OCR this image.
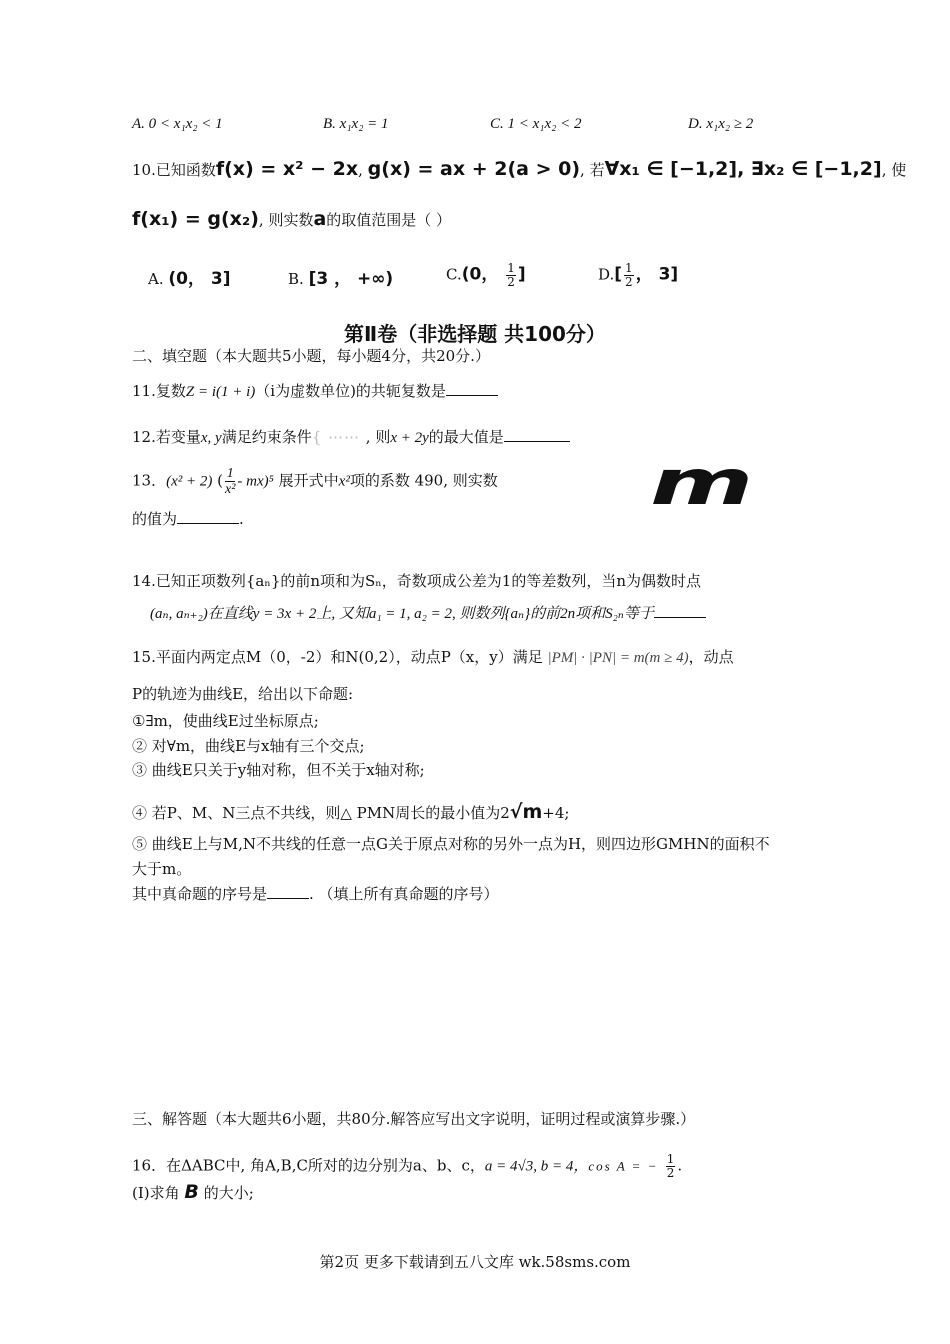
A. 0 < x₁x₂ < 1	B. x₁x₂ = 1	C. 1 < x₁x₂ < 2	D. x₁x₂ ≥ 2
10.已知函数f(x) = x² − 2x, g(x) = ax + 2(a > 0), 若∀x₁ ∈ [−1,2], ∃x₂ ∈ [−1,2], 使
f(x₁) = g(x₂), 则实数a的取值范围是（ ）
A. (0， 3]	B. [3 ， +∞)	C.(0， $\frac{1}{2}$ ]	$D.[ \frac{1}{2}$ ， 3]
第Ⅱ卷（非选择题 共100分）
二、填空题（本大题共5小题，每小题4分，共20分.）
11.复数Z = i(1 + i)（i为虚数单位)的共轭复数是
12.若变量x, y满足约束条件{ ⋯⋯ , 则x + 2y的最大值是
13．(x² + 2) ( $\frac{1}{\text{x²}} - mx)^5$ 展开式中x²项的系数 490, 则实数 m
的值为	.
14.已知正项数列{aₙ}的前n项和为Sₙ，奇数项成公差为1的等差数列，当n为偶数时点
(aₙ, aₙ₊₂)在直线y = 3x + 2上, 又知a₁ = 1, a₂ = 2, 则数列{aₙ}的前2n项和S₂ₙ等于
15.平面内两定点M（0，-2）和N(0,2），动点P（x，y）满足 |PM| · |PN| = m(m ≥ 4)，动点
P的轨迹为曲线E，给出以下命题:
①∃m，使曲线E过坐标原点;
② 对∀m，曲线E与x轴有三个交点;
③ 曲线E只关于y轴对称，但不关于x轴对称;
④ 若P、M、N三点不共线，则△ PMN周长的最小值为2√m+4;
⑤ 曲线E上与M,N不共线的任意一点G关于原点对称的另外一点为H，则四边形GMHN的面积不
大于m。
其中真命题的序号是	. （填上所有真命题的序号）
三、解答题（本大题共6小题，共80分.解答应写出文字说明，证明过程或演算步骤.）
16．在ΔABC中, 角A,B,C所对的边分别为a、b、c，a = 4√3, b = 4，cos A = − $\frac{1}{2}$ .
(Ⅰ)求角 B 的大小;
第2页 更多下载请到五八文库 wk.58sms.com
